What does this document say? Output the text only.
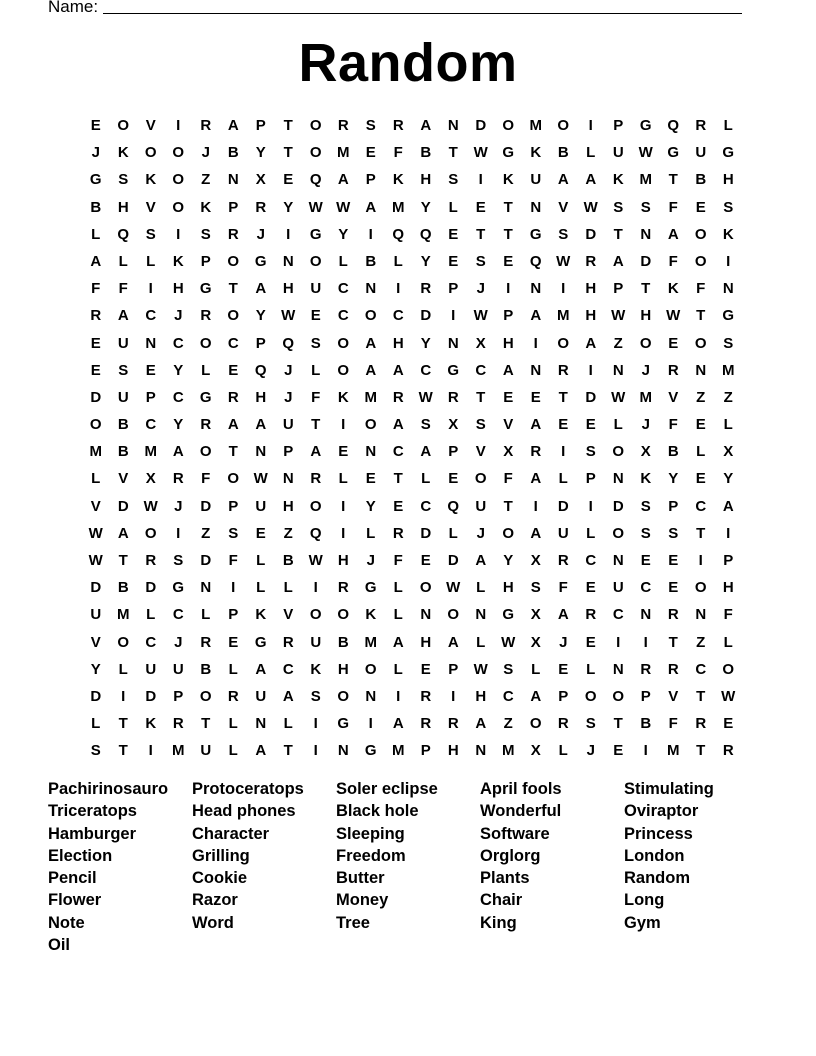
Name:
Random
E	O	V	I	R	A	P	T	O	R	S	R	A	N	D	O	M	O	I	P	G	Q	R	L
J	K	O	O	J	B	Y	T	O	M	E	F	B	T	W G	K	B	L	U W G	U	G
G	S	K	O	Z	N	X	E	Q	A	P	K	H	S	I	K	U	A	A	K	M	T	B	H
B	H	V	O	K	P	R	Y	W W	A	M	Y	L	E	T	N	V	W	S	S	F	E	S
L	Q	S	I	S	R	J	I	G	Y	I	Q	Q	E	T	T	G	S	D	T	N	A	O	K
A	L	L	K	P	O	G	N	O	L	B	L	Y	E	S	E	Q W	R	A	D	F	O	I
F	F	I	H	G	T	A	H	U	C	N	I	R	P	J	I	N	I	H	P	T	K	F	N
R	A	C	J	R	O	Y	W	E	C	O	C	D	I	W	P	A	M	H W	H W	T	G
E	U	N	C	O	C	P	Q	S	O	A	H	Y	N	X	H	I	O	A	Z	O	E	O	S
E	S	E	Y	L	E	Q	J	L	O	A	A	C	G	C	A	N	R	I	N	J	R	N	M
D	U	P	C	G	R	H	J	F	K	M	R W	R	T	E	E	T	D W M	V	Z	Z
O	B	C	Y	R	A	A	U	T	I	O	A	S	X	S	V	A	E	E	L	J	F	E	L
M	B	M	A	O	T	N	P	A	E	N	C	A	P	V	X	R	I	S	O	X	B	L	X
L	V	X	R	F	O W	N	R	L	E	T	L	E	O	F	A	L	P	N	K	Y	E	Y
V	D W	J	D	P	U	H	O	I	Y	E	C	Q	U	T	I	D	I	D	S	P	C	A
W	A	O	I	Z	S	E	Z	Q	I	L	R	D	L	J	O	A	U	L	O	S	S	T	I
W	T	R	S	D	F	L	B W	H	J	F	E	D	A	Y	X	R	C	N	E	E	I	P
D	B	D	G	N	I	L	L	I	R	G	L	O W	L	H	S	F	E	U	C	E	O	H
U	M	L	C	L	P	K	V	O	O	K	L	N	O	N	G	X	A	R	C	N	R	N	F
V	O	C	J	R	E	G	R	U	B	M	A	H	A	L	W	X	J	E	I	I	T	Z	L
Y	L	U	U	B	L	A	C	K	H	O	L	E	P	W	S	L	E	L	N	R	R	C	O
D	I	D	P	O	R	U	A	S	O	N	I	R	I	H	C	A	P	O	O	P	V	T	W
L	T	K	R	T	L	N	L	I	G	I	A	R	R	A	Z	O	R	S	T	B	F	R	E
S	T	I	M	U	L	A	T	I	N	G	M	P	H	N	M	X	L	J	E	I	M	T	R
Pachirinosauro
Triceratops
Hamburger
Election
Pencil
Flower
Note
Oil
Protoceratops
Head phones
Character
Grilling
Cookie
Razor
Word
Soler eclipse
Black hole
Sleeping
Freedom
Butter
Money
Tree
April fools
Wonderful
Software
Orglorg
Plants
Chair
King
Stimulating
Oviraptor
Princess
London
Random
Long
Gym
